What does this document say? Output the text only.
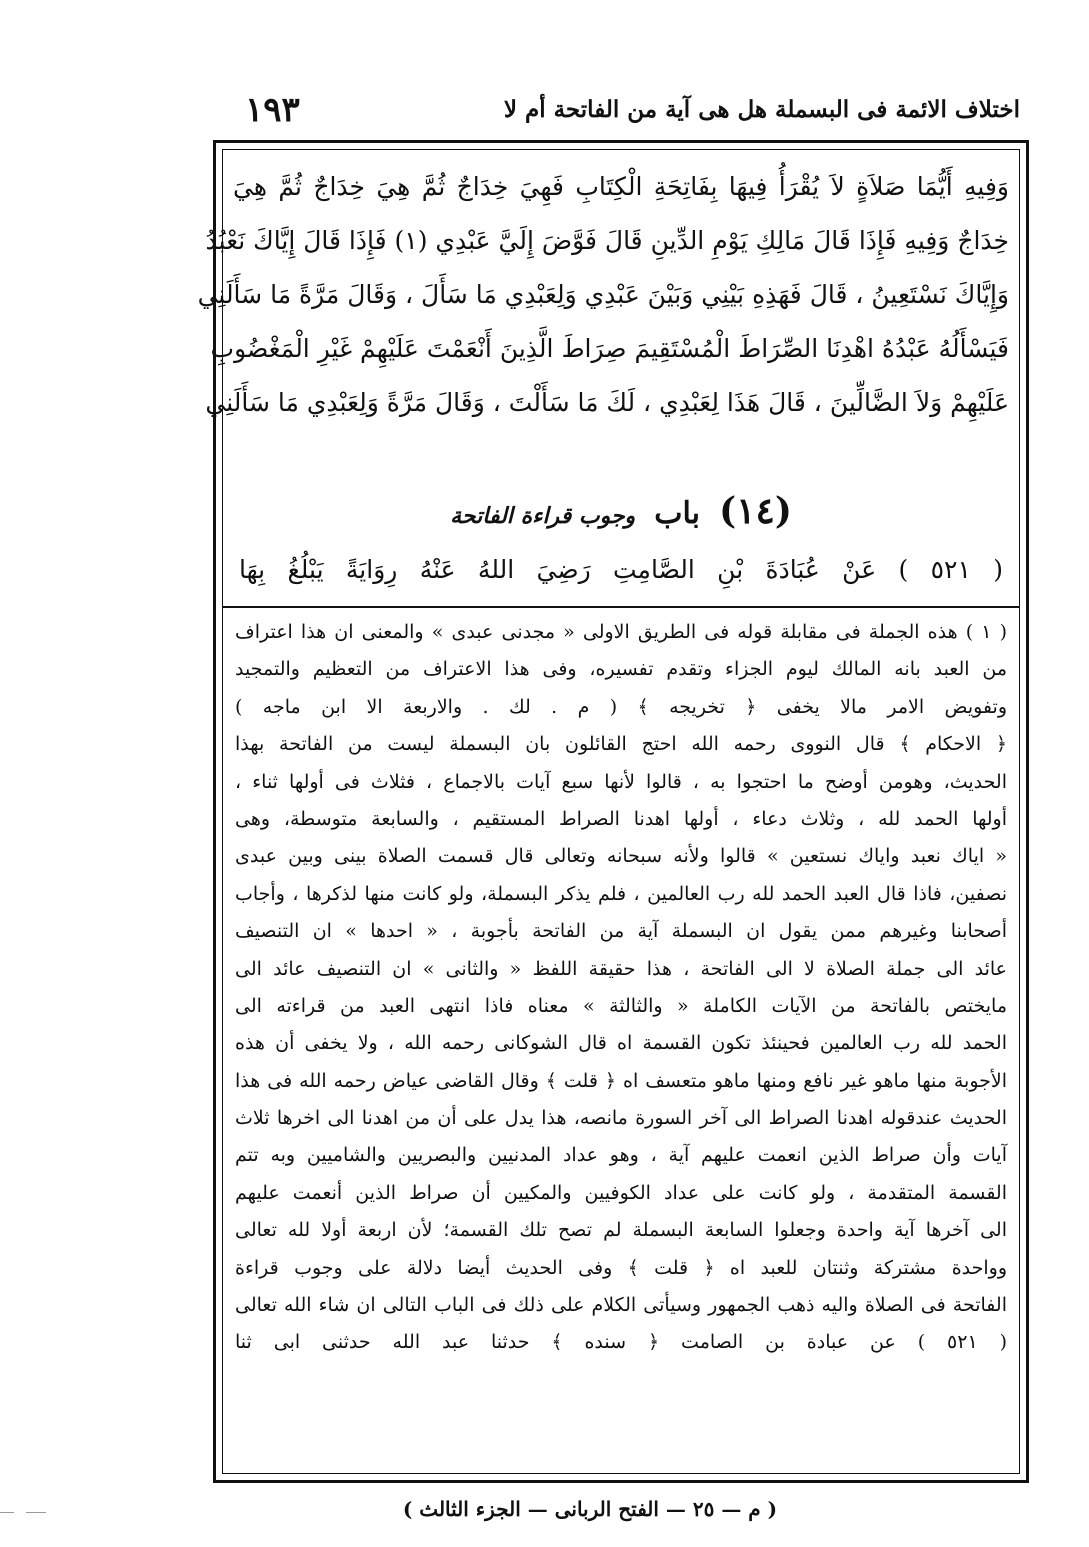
١٩٣	اختلاف الائمة فى البسملة هل هى آية من الفاتحة أم لا
وَفِيهِ أَيُّمَا صَلاَةٍ لاَ يُقْرَأُ فِيهَا بِفَاتِحَةِ الْكِتَابِ فَهِيَ خِدَاجٌ ثُمَّ هِيَ خِدَاجٌ ثُمَّ هِيَ
خِدَاجٌ وَفِيهِ فَإِذَا قَالَ مَالِكِ يَوْمِ الدِّينِ قَالَ فَوَّضَ إِلَيَّ عَبْدِي (١) فَإِذَا قَالَ إِيَّاكَ نَعْبُدُ
وَإِيَّاكَ نَسْتَعِينُ ، قَالَ فَهَذِهِ بَيْنِي وَبَيْنَ عَبْدِي وَلِعَبْدِي مَا سَأَلَ ، وَقَالَ مَرَّةً مَا سَأَلَنِي
فَيَسْأَلُهُ عَبْدُهُ اهْدِنَا الصِّرَاطَ الْمُسْتَقِيمَ صِرَاطَ الَّذِينَ أَنْعَمْتَ عَلَيْهِمْ غَيْرِ الْمَغْضُوبِ
عَلَيْهِمْ وَلاَ الضَّالِّينَ ، قَالَ هَذَا لِعَبْدِي ، لَكَ مَا سَأَلْتَ ، وَقَالَ مَرَّةً وَلِعَبْدِي مَا سَأَلَنِي
(١٤) باب وجوب قراءة الفاتحة
( ٥٢١ ) عَنْ عُبَادَةَ بْنِ الصَّامِتِ رَضِيَ اللهُ عَنْهُ رِوَايَةً يَبْلُغُ بِهَا
( ١ ) هذه الجملة فى مقابلة قوله فى الطريق الاولى « مجدنى عبدى » والمعنى ان هذا اعتراف
من العبد بانه المالك ليوم الجزاء وتقدم تفسيره، وفى هذا الاعتراف من التعظيم والتمجيد
وتفويض الامر مالا يخفى ﴿ تخريجه ﴾ ( م . لك . والاربعة الا ابن ماجه )
﴿ الاحكام ﴾ قال النووى رحمه الله احتج القائلون بان البسملة ليست من الفاتحة بهذا
الحديث، وهومن أوضح ما احتجوا به ، قالوا لأنها سبع آيات بالاجماع ، فثلاث فى أولها ثناء ،
أولها الحمد لله ، وثلاث دعاء ، أولها اهدنا الصراط المستقيم ، والسابعة متوسطة، وهى
« اياك نعبد واياك نستعين » قالوا ولأنه سبحانه وتعالى قال قسمت الصلاة بينى وبين عبدى
نصفين، فاذا قال العبد الحمد لله رب العالمين ، فلم يذكر البسملة، ولو كانت منها لذكرها ، وأجاب
أصحابنا وغيرهم ممن يقول ان البسملة آية من الفاتحة بأجوبة ، « احدها » ان التنصيف
عائد الى جملة الصلاة لا الى الفاتحة ، هذا حقيقة اللفظ « والثانى » ان التنصيف عائد الى
مايختص بالفاتحة من الآيات الكاملة « والثالثة » معناه فاذا انتهى العبد من قراءته الى
الحمد لله رب العالمين فحينئذ تكون القسمة اه قال الشوكانى رحمه الله ، ولا يخفى أن هذه
الأجوبة منها ماهو غير نافع ومنها ماهو متعسف اه ﴿ قلت ﴾ وقال القاضى عياض رحمه الله فى هذا
الحديث عندقوله اهدنا الصراط الى آخر السورة مانصه، هذا يدل على أن من اهدنا الى اخرها ثلاث
آيات وأن صراط الذين انعمت عليهم آية ، وهو عداد المدنيين والبصريين والشاميين وبه تتم
القسمة المتقدمة ، ولو كانت على عداد الكوفيين والمكيين أن صراط الذين أنعمت عليهم
الى آخرها آية واحدة وجعلوا السابعة البسملة لم تصح تلك القسمة؛ لأن اربعة أولا لله تعالى
وواحدة مشتركة وثنتان للعبد اه ﴿ قلت ﴾ وفى الحديث أيضا دلالة على وجوب قراءة
الفاتحة فى الصلاة واليه ذهب الجمهور وسيأتى الكلام على ذلك فى الباب التالى ان شاء الله تعالى
( ٥٢١ ) عن عبادة بن الصامت ﴿ سنده ﴾ حدثنا عبد الله حدثنى ابى ثنا
( م — ٢٥ — الفتح الربانى — الجزء الثالث )
